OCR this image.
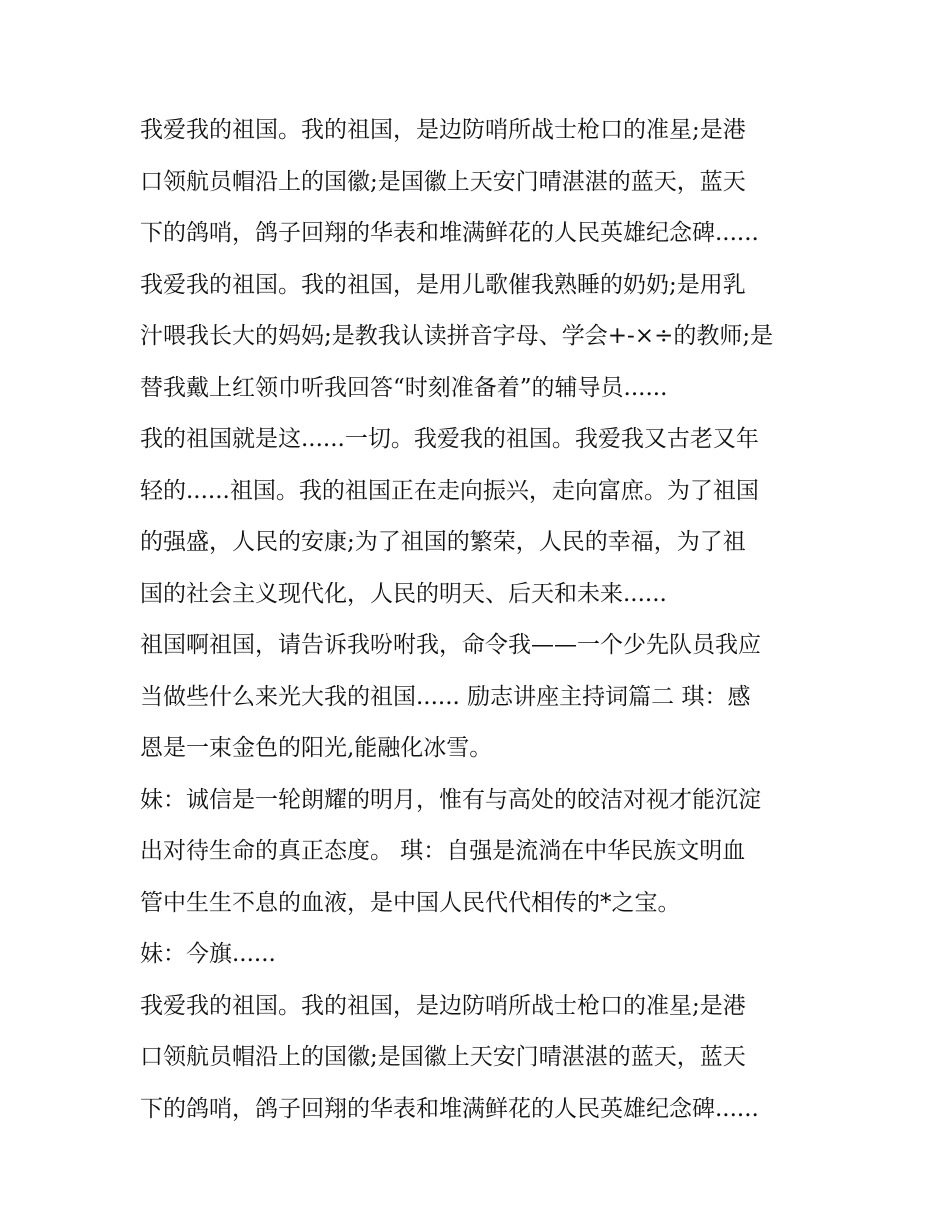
我爱我的祖国。我的祖国，是边防哨所战士枪口的准星;是港
口领航员帽沿上的国徽;是国徽上天安门晴湛湛的蓝天，蓝天
下的鸽哨，鸽子回翔的华表和堆满鲜花的人民英雄纪念碑......
我爱我的祖国。我的祖国，是用儿歌催我熟睡的奶奶;是用乳
汁喂我长大的妈妈;是教我认读拼音字母、学会+-×÷的教师;是
替我戴上红领巾听我回答“时刻准备着”的辅导员......
我的祖国就是这......一切。我爱我的祖国。我爱我又古老又年
轻的......祖国。我的祖国正在走向振兴，走向富庶。为了祖国
的强盛，人民的安康;为了祖国的繁荣，人民的幸福，为了祖
国的社会主义现代化，人民的明天、后天和未来......
祖国啊祖国，请告诉我吩咐我，命令我——一个少先队员我应
当做些什么来光大我的祖国...... 励志讲座主持词篇二 琪：感
恩是一束金色的阳光,能融化冰雪。
妹：诚信是一轮朗耀的明月，惟有与高处的皎洁对视才能沉淀
出对待生命的真正态度。 琪：自强是流淌在中华民族文明血
管中生生不息的血液，是中国人民代代相传的*之宝。
妹：今旗......
我爱我的祖国。我的祖国，是边防哨所战士枪口的准星;是港
口领航员帽沿上的国徽;是国徽上天安门晴湛湛的蓝天，蓝天
下的鸽哨，鸽子回翔的华表和堆满鲜花的人民英雄纪念碑......
